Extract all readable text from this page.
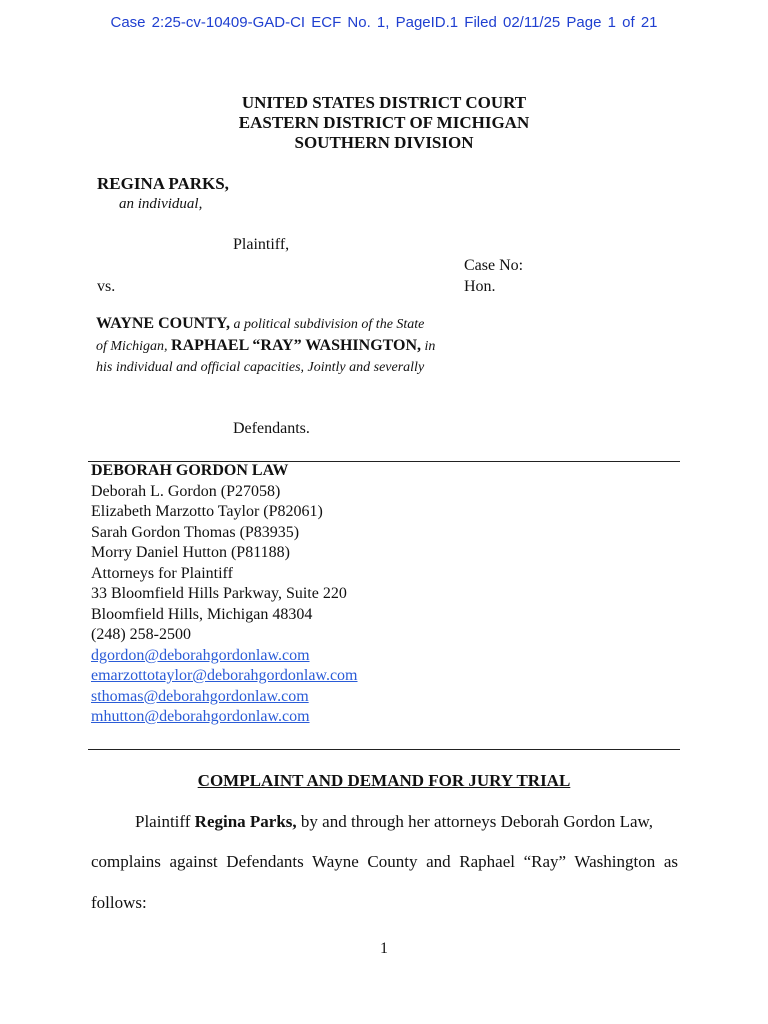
Case 2:25-cv-10409-GAD-CI ECF No. 1, PageID.1 Filed 02/11/25 Page 1 of 21
UNITED STATES DISTRICT COURT
EASTERN DISTRICT OF MICHIGAN
SOUTHERN DIVISION
REGINA PARKS,
an individual,
Plaintiff,
Case No:
Hon.
vs.
WAYNE COUNTY, a political subdivision of the State of Michigan, RAPHAEL “RAY” WASHINGTON, in his individual and official capacities, Jointly and severally
Defendants.
DEBORAH GORDON LAW
Deborah L. Gordon (P27058)
Elizabeth Marzotto Taylor (P82061)
Sarah Gordon Thomas (P83935)
Morry Daniel Hutton (P81188)
Attorneys for Plaintiff
33 Bloomfield Hills Parkway, Suite 220
Bloomfield Hills, Michigan 48304
(248) 258-2500
dgordon@deborahgordonlaw.com
emarzottotaylor@deborahgordonlaw.com
sthomas@deborahgordonlaw.com
mhutton@deborahgordonlaw.com
COMPLAINT AND DEMAND FOR JURY TRIAL
Plaintiff Regina Parks, by and through her attorneys Deborah Gordon Law,
complains against Defendants Wayne County and Raphael “Ray” Washington as
follows:
1
